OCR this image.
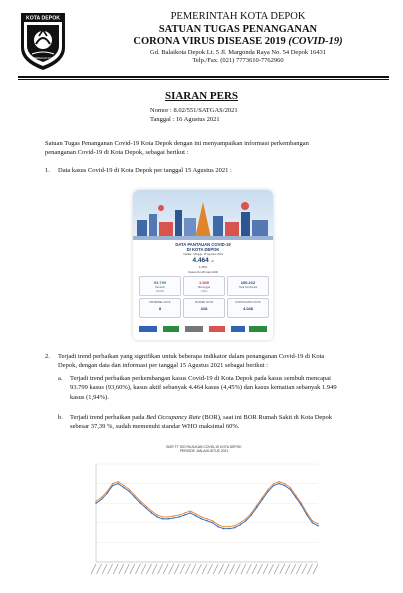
KOTA DEPOK
MEMBANGUN KOTA
PEMERINTAH KOTA DEPOK
SATUAN TUGAS PENANGANAN
CORONA VIRUS DISEASE 2019 (COVID-19)
Gd. Balaikota Depok Lt. 5 Jl. Margonda Raya No. 54 Depok 16431
Telp./Fax. (021) 7773610-7762960
SIARAN PERS
Nomor : 8.02/551/SATGAS/2021
Tanggal : 16 Agustus 2021
Satuan Tugas Penanganan Covid-19 Kota Depok dengan ini menyampaikan informasi perkembangan
penanganan Covid-19 di Kota Depok, sebagai berikut :
1. Data kasus Covid-19 di Kota Depok per tanggal 15 Agustus 2021 :
DATA PANTAUAN COVID-19
DI KOTA DEPOK
Update : Minggu, 15 Agustus 2021
4.464 +3
4,45%
Kasus Konfirmasi Aktif
93.799
Sembuh
93,60%
1.949
Meninggal
1,94%
100.212
Total Konfirmasi
PROBABEL AKTIF
8
SUSPEK AKTIF
418
KONTAK ERAT AKTIF
4.048
2. Terjadi trend perbaikan yang signifikan untuk beberapa indikator dalam penanganan Covid-19 di Kota
Depok, dengan data dan informasi per tanggal 15 Agustus 2021 sebagai berikut :
a. Terjadi trend perbaikan perkembangan kasus Covid-19 di Kota Depok pada kasus sembuh mencapai
93.799 kasus (93,60%), kasus aktif sebanyak 4.464 kasus (4,45%) dan kasus kematian sebanyak 1.949
kasus (1,94%).
b. Terjadi trend perbaikan pada Bed Occupancy Rate (BOR), saat ini BOR Rumah Sakit di Kota Depok
sebesar 37,39 %, sudah memenuhi standar WHO maksimal 60%.
BOR TT ISO RUJUKAN COVID-19 KOTA DEPOK
PERIODE JAN-AGUSTUS 2021
